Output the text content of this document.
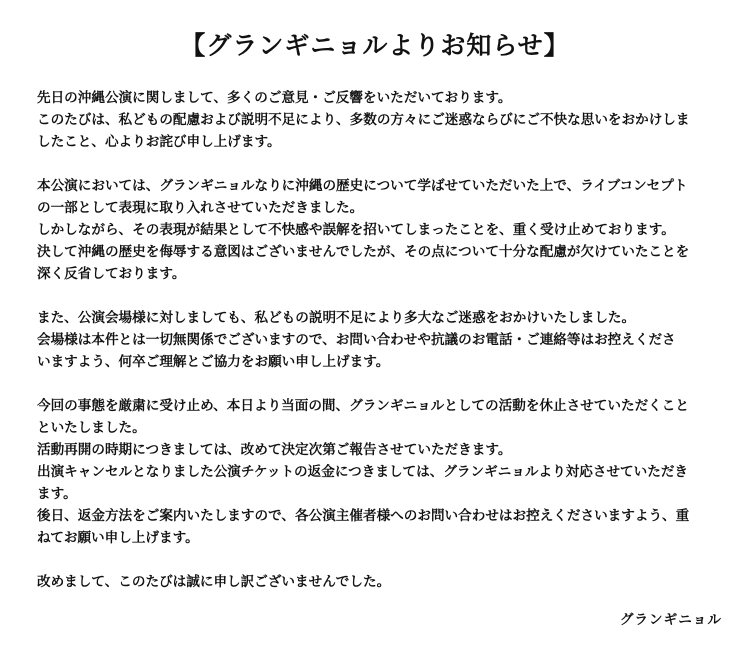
【グランギニョルよりお知らせ】

先日の沖縄公演に関しまして、多くのご意見・ご反響をいただいております。
このたびは、私どもの配慮および説明不足により、多数の方々にご迷惑ならびにご不快な思いをおかけしま
したこと、心よりお詫び申し上げます。

本公演においては、グランギニョルなりに沖縄の歴史について学ばせていただいた上で、ライブコンセプト
の一部として表現に取り入れさせていただきました。
しかしながら、その表現が結果として不快感や誤解を招いてしまったことを、重く受け止めております。
決して沖縄の歴史を侮辱する意図はございませんでしたが、その点について十分な配慮が欠けていたことを
深く反省しております。

また、公演会場様に対しましても、私どもの説明不足により多大なご迷惑をおかけいたしました。
会場様は本件とは一切無関係でございますので、お問い合わせや抗議のお電話・ご連絡等はお控えくださ
いますよう、何卒ご理解とご協力をお願い申し上げます。

今回の事態を厳粛に受け止め、本日より当面の間、グランギニョルとしての活動を休止させていただくこと
といたしました。
活動再開の時期につきましては、改めて決定次第ご報告させていただきます。
出演キャンセルとなりました公演チケットの返金につきましては、グランギニョルより対応させていただき
ます。
後日、返金方法をご案内いたしますので、各公演主催者様へのお問い合わせはお控えくださいますよう、重
ねてお願い申し上げます。

改めまして、このたびは誠に申し訳ございませんでした。

グランギニョル
